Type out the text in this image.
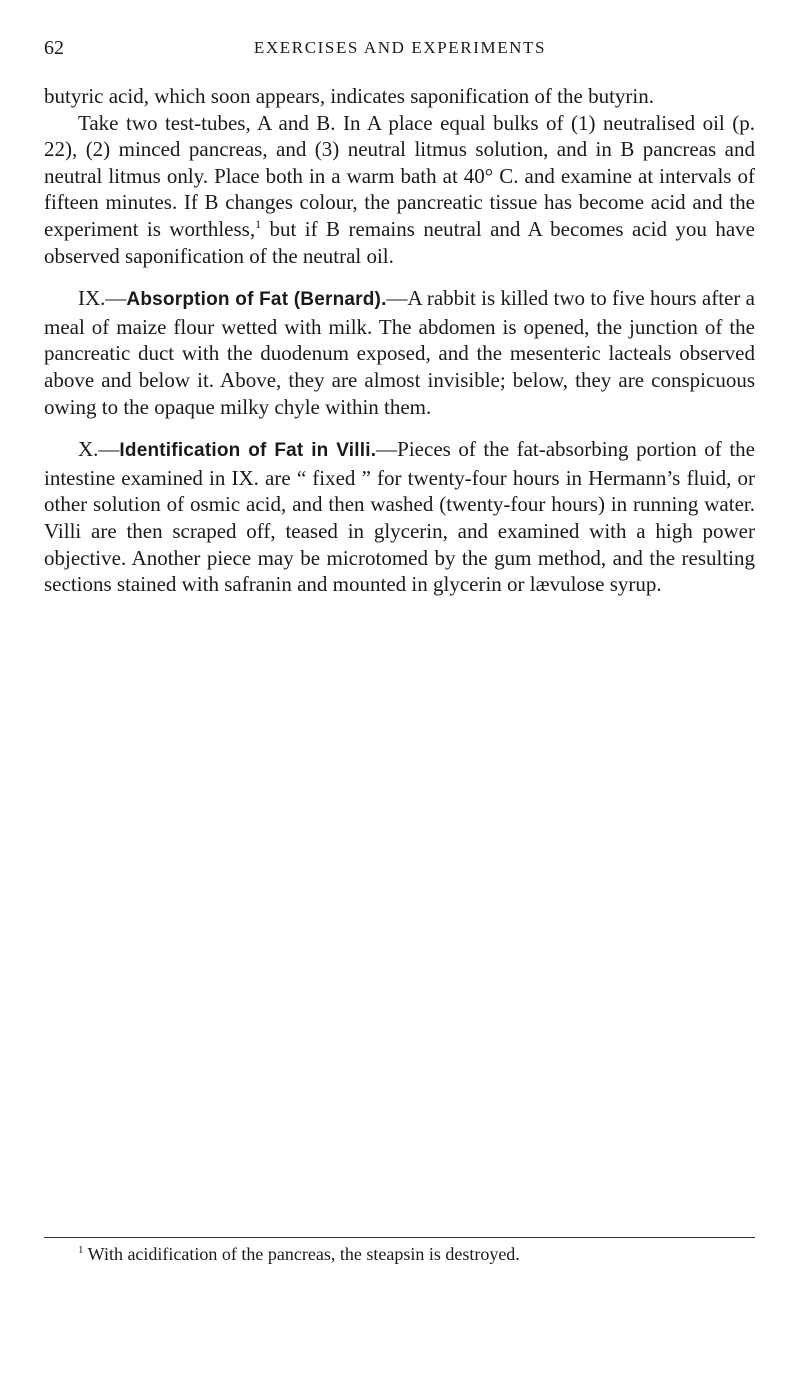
62	EXERCISES AND EXPERIMENTS

butyric acid, which soon appears, indicates saponification of the butyrin.

Take two test-tubes, A and B. In A place equal bulks of (1) neutralised oil (p. 22), (2) minced pancreas, and (3) neutral litmus solution, and in B pancreas and neutral litmus only. Place both in a warm bath at 40° C. and examine at intervals of fifteen minutes. If B changes colour, the pancreatic tissue has become acid and the experiment is worthless,$^1$ but if B remains neutral and A becomes acid you have observed saponification of the neutral oil.

IX.—Absorption of Fat (Bernard).—A rabbit is killed two to five hours after a meal of maize flour wetted with milk. The abdomen is opened, the junction of the pancreatic duct with the duodenum exposed, and the mesenteric lacteals observed above and below it. Above, they are almost invisible; below, they are conspicuous owing to the opaque milky chyle within them.

X.—Identification of Fat in Villi.—Pieces of the fat-absorbing portion of the intestine examined in IX. are “ fixed ” for twenty-four hours in Hermann’s fluid, or other solution of osmic acid, and then washed (twenty-four hours) in running water. Villi are then scraped off, teased in glycerin, and examined with a high power objective. Another piece may be microtomed by the gum method, and the resulting sections stained with safranin and mounted in glycerin or lævulose syrup.

$^1$ With acidification of the pancreas, the steapsin is destroyed.
